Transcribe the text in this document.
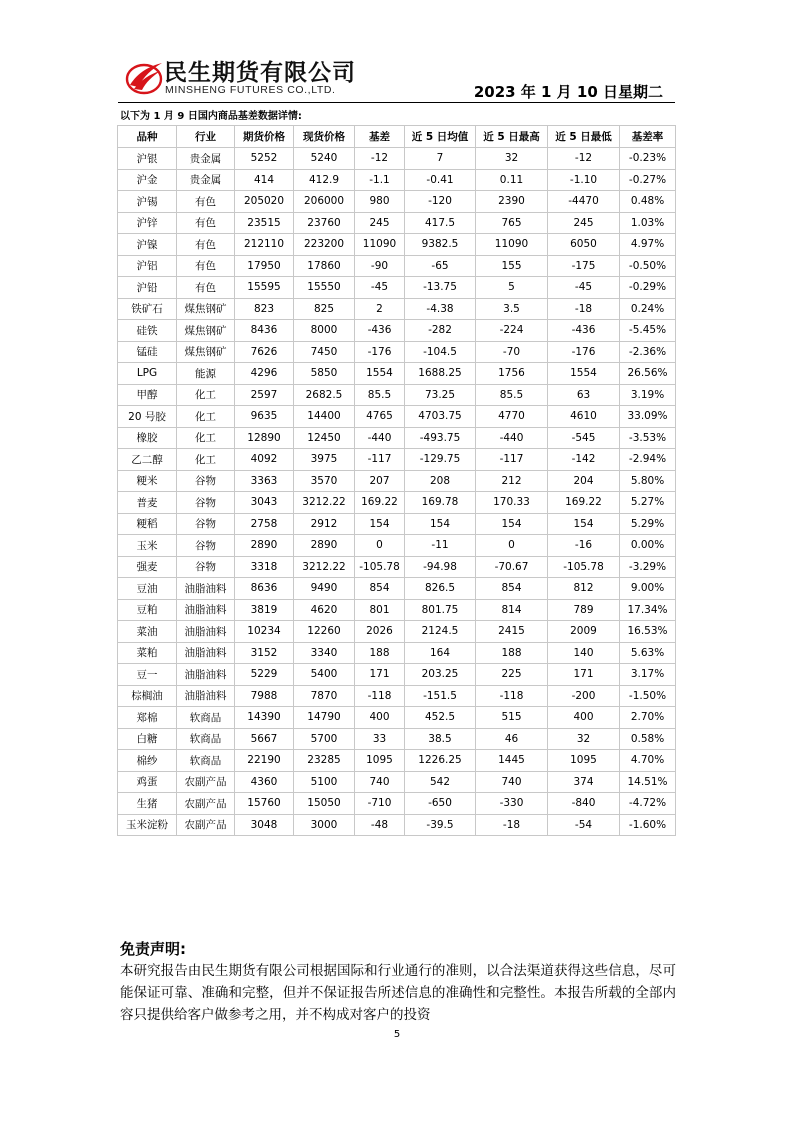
民生期货有限公司
MINSHENG FUTURES CO.,LTD.	2023 年 1 月 10 日星期二
以下为 1 月 9 日国内商品基差数据详情:
品种	行业	期货价格	现货价格	基差	近 5 日均值	近 5 日最高	近 5 日最低	基差率
沪银	贵金属	5252	5240	-12	7	32	-12	-0.23%
沪金	贵金属	414	412.9	-1.1	-0.41	0.11	-1.10	-0.27%
沪锡	有色	205020	206000	980	-120	2390	-4470	0.48%
沪锌	有色	23515	23760	245	417.5	765	245	1.03%
沪镍	有色	212110	223200	11090	9382.5	11090	6050	4.97%
沪铝	有色	17950	17860	-90	-65	155	-175	-0.50%
沪铅	有色	15595	15550	-45	-13.75	5	-45	-0.29%
铁矿石	煤焦钢矿	823	825	2	-4.38	3.5	-18	0.24%
硅铁	煤焦钢矿	8436	8000	-436	-282	-224	-436	-5.45%
锰硅	煤焦钢矿	7626	7450	-176	-104.5	-70	-176	-2.36%
LPG	能源	4296	5850	1554	1688.25	1756	1554	26.56%
甲醇	化工	2597	2682.5	85.5	73.25	85.5	63	3.19%
20 号胶	化工	9635	14400	4765	4703.75	4770	4610	33.09%
橡胶	化工	12890	12450	-440	-493.75	-440	-545	-3.53%
乙二醇	化工	4092	3975	-117	-129.75	-117	-142	-2.94%
粳米	谷物	3363	3570	207	208	212	204	5.80%
普麦	谷物	3043	3212.22	169.22	169.78	170.33	169.22	5.27%
粳稻	谷物	2758	2912	154	154	154	154	5.29%
玉米	谷物	2890	2890	0	-11	0	-16	0.00%
强麦	谷物	3318	3212.22	-105.78	-94.98	-70.67	-105.78	-3.29%
豆油	油脂油料	8636	9490	854	826.5	854	812	9.00%
豆粕	油脂油料	3819	4620	801	801.75	814	789	17.34%
菜油	油脂油料	10234	12260	2026	2124.5	2415	2009	16.53%
菜粕	油脂油料	3152	3340	188	164	188	140	5.63%
豆一	油脂油料	5229	5400	171	203.25	225	171	3.17%
棕榈油	油脂油料	7988	7870	-118	-151.5	-118	-200	-1.50%
郑棉	软商品	14390	14790	400	452.5	515	400	2.70%
白糖	软商品	5667	5700	33	38.5	46	32	0.58%
棉纱	软商品	22190	23285	1095	1226.25	1445	1095	4.70%
鸡蛋	农副产品	4360	5100	740	542	740	374	14.51%
生猪	农副产品	15760	15050	-710	-650	-330	-840	-4.72%
玉米淀粉	农副产品	3048	3000	-48	-39.5	-18	-54	-1.60%
免责声明:
本研究报告由民生期货有限公司根据国际和行业通行的准则，以合法渠道获得这些信息，尽可能保证可靠、准确和完整，但并不保证报告所述信息的准确性和完整性。本报告所载的全部内容只提供给客户做参考之用，并不构成对客户的投资
5
